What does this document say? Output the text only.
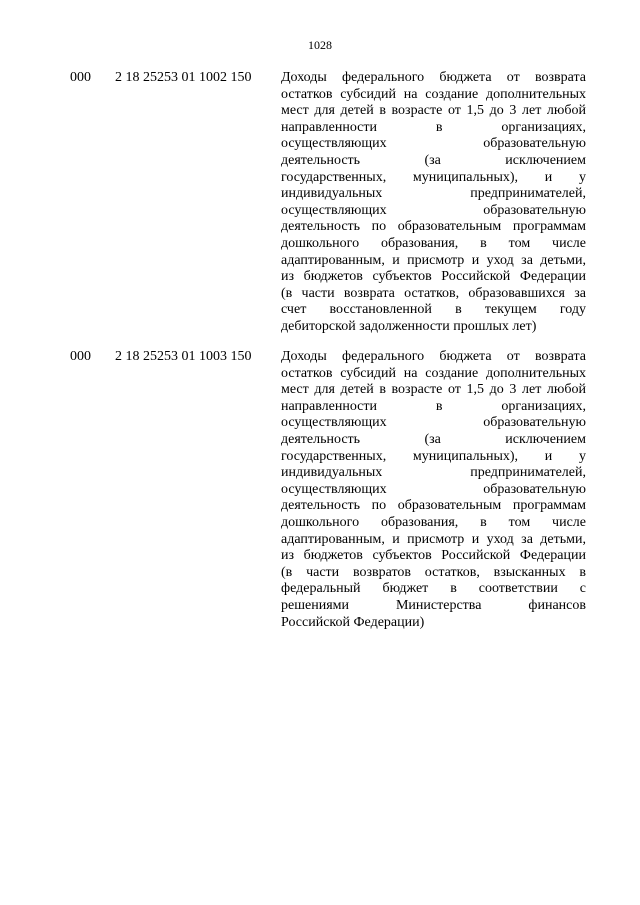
1028
000 2 18 25253 01 1002 150 Доходы федерального бюджета от возврата
остатков субсидий на создание дополнительных
мест для детей в возрасте от 1,5 до 3 лет любой
направленности в организациях,
осуществляющих образовательную
деятельность (за исключением
государственных, муниципальных), и у
индивидуальных предпринимателей,
осуществляющих образовательную
деятельность по образовательным программам
дошкольного образования, в том числе
адаптированным, и присмотр и уход за детьми,
из бюджетов субъектов Российской Федерации
(в части возврата остатков, образовавшихся за
счет восстановленной в текущем году
дебиторской задолженности прошлых лет)
000 2 18 25253 01 1003 150 Доходы федерального бюджета от возврата
остатков субсидий на создание дополнительных
мест для детей в возрасте от 1,5 до 3 лет любой
направленности в организациях,
осуществляющих образовательную
деятельность (за исключением
государственных, муниципальных), и у
индивидуальных предпринимателей,
осуществляющих образовательную
деятельность по образовательным программам
дошкольного образования, в том числе
адаптированным, и присмотр и уход за детьми,
из бюджетов субъектов Российской Федерации
(в части возвратов остатков, взысканных в
федеральный бюджет в соответствии с
решениями Министерства финансов
Российской Федерации)
